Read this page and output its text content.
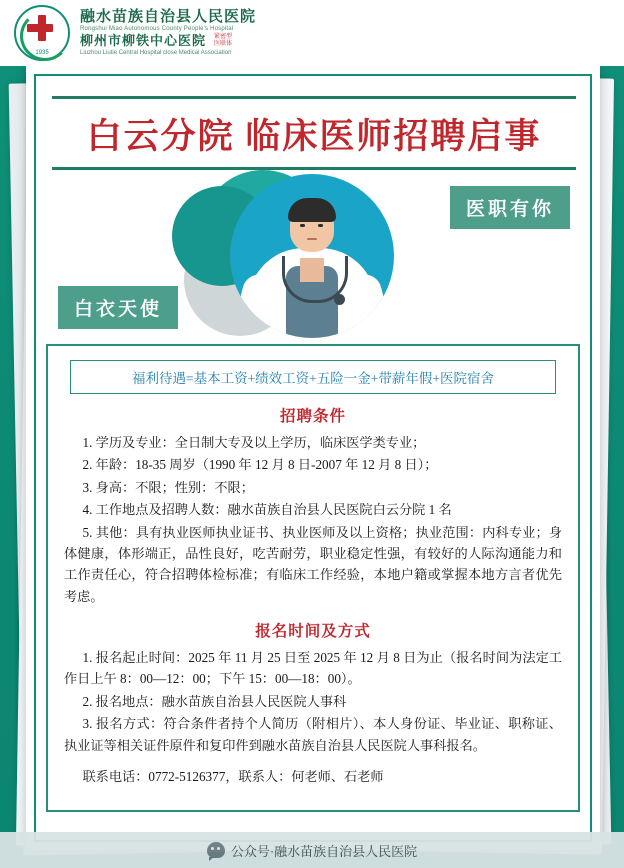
1935
融水苗族自治县人民医院
Rongshui Miao Autonomous County People's Hospital
柳州市柳铁中心医院 紧密型
医联体
Liuzhou Liutie Central Hospital close Medical Association
白云分院 临床医师招聘启事
医职有你
白衣天使
福利待遇=基本工资+绩效工资+五险一金+带薪年假+医院宿舍
招聘条件
1. 学历及专业：全日制大专及以上学历，临床医学类专业；
2. 年龄：18-35 周岁（1990 年 12 月 8 日-2007 年 12 月 8 日）；
3. 身高：不限；性别：不限；
4. 工作地点及招聘人数：融水苗族自治县人民医院白云分院 1 名
5. 其他：具有执业医师执业证书、执业医师及以上资格；执业范围：内科专业；身体健康，体形端正，品性良好，吃苦耐劳，职业稳定性强，有较好的人际沟通能力和工作责任心，符合招聘体检标准；有临床工作经验，本地户籍或掌握本地方言者优先考虑。
报名时间及方式
1. 报名起止时间：2025 年 11 月 25 日至 2025 年 12 月 8 日为止（报名时间为法定工作日上午 8：00—12：00；下午 15：00—18：00）。
2. 报名地点：融水苗族自治县人民医院人事科
3. 报名方式：符合条件者持个人简历（附相片）、本人身份证、毕业证、职称证、执业证等相关证件原件和复印件到融水苗族自治县人民医院人事科报名。
联系电话：0772-5126377，联系人：何老师、石老师
公众号·融水苗族自治县人民医院
